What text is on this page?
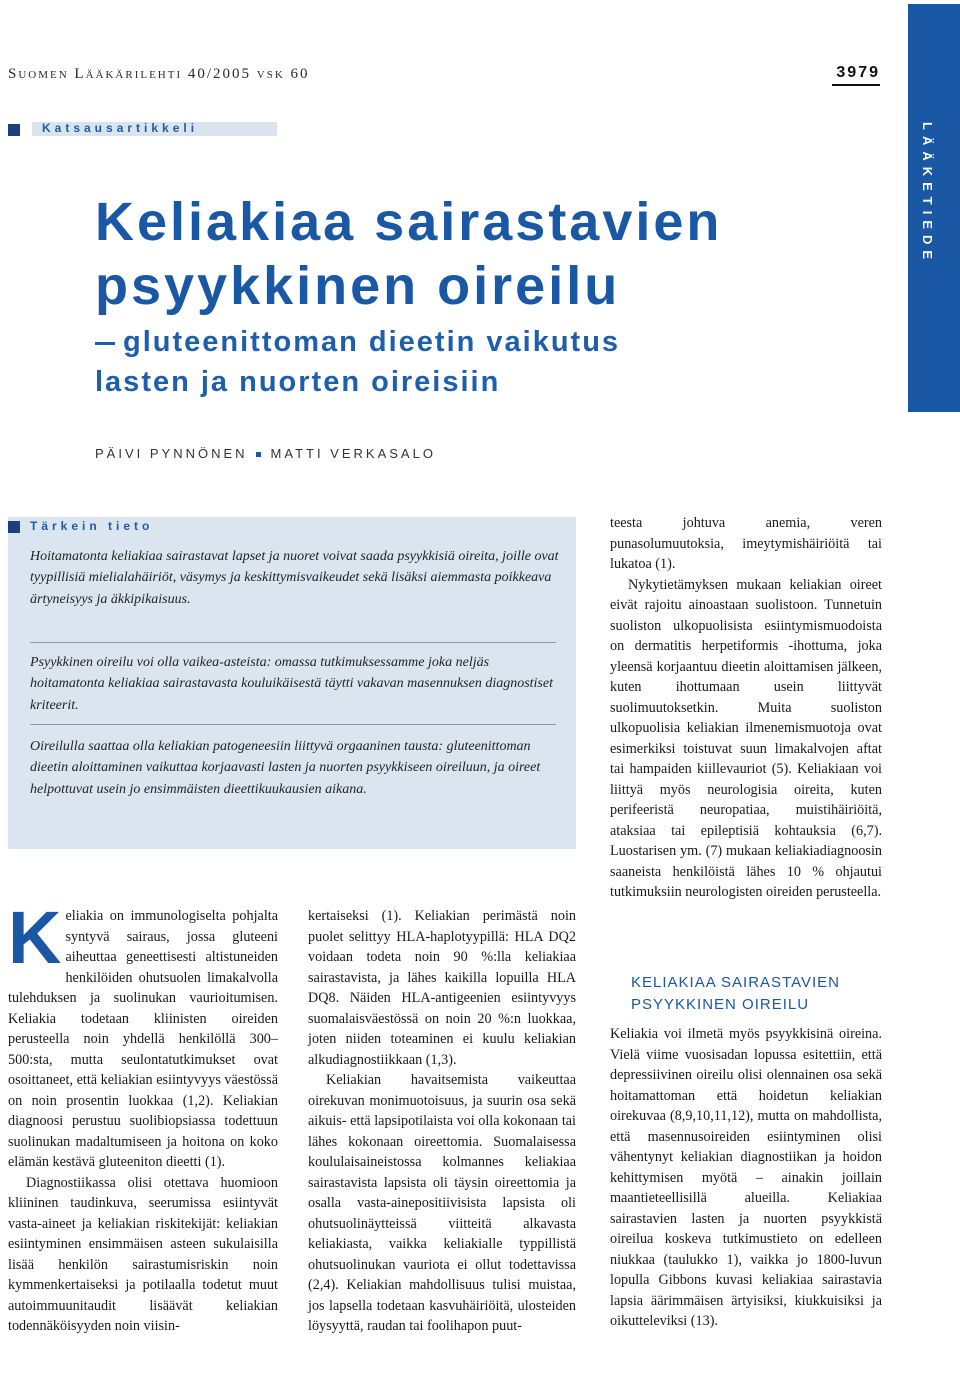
Suomen Lääkärilehti 40/2005 vsk 60	3979
LÄÄKETIEDE
Katsausartikkeli
Keliakiaa sairastavien
psyykkinen oireilu
gluteenittoman dieetin vaikutus
lasten ja nuorten oireisiin
PÄIVI PYNNÖNEN MATTI VERKASALO
Tärkein tieto

Hoitamatonta keliakiaa sairastavat lapset ja nuoret voivat saada psyykkisiä oireita, joille ovat tyypillisiä mielialahäiriöt, väsymys ja keskittymisvaikeudet sekä lisäksi aiemmasta poikkeava ärtyneisyys ja äkkipikaisuus.

Psyykkinen oireilu voi olla vaikea-asteista: omassa tutkimuksessamme joka neljäs hoitamatonta keliakiaa sairastavasta kouluikäisestä täytti vakavan masennuksen diagnostiset kriteerit.

Oireilulla saattaa olla keliakian patogeneesiin liittyvä orgaaninen tausta: gluteenittoman dieetin aloittaminen vaikuttaa korjaavasti lasten ja nuorten psyykkiseen oireiluun, ja oireet helpottuvat usein jo ensimmäisten dieettikuukausien aikana.

Keliakia on immunologiselta pohjalta syntyvä sairaus, jossa gluteeni aiheuttaa geneettisesti altistuneiden henkilöiden ohutsuolen limakalvolla tulehduksen ja suolinukan vaurioitumisen. Keliakia todetaan kliinisten oireiden perusteella noin yhdellä henkilöllä 300–500:sta, mutta seulontatutkimukset ovat osoittaneet, että keliakian esiintyvyys väestössä on noin prosentin luokkaa (1,2). Keliakian diagnoosi perustuu suolibiopsiassa todettuun suolinukan madaltumiseen ja hoitona on koko elämän kestävä gluteeniton dieetti (1).

Diagnostiikassa olisi otettava huomioon kliininen taudinkuva, seerumissa esiintyvät vasta-aineet ja keliakian riskitekijät: keliakian esiintyminen ensimmäisen asteen sukulaisilla lisää henkilön sairastumisriskin noin kymmenkertaiseksi ja potilaalla todetut muut autoimmuunitaudit lisäävät keliakian todennäköisyyden noin viisin-

kertaiseksi (1). Keliakian perimästä noin puolet selittyy HLA-haplotyypillä: HLA DQ2 voidaan todeta noin 90 %:lla keliakiaa sairastavista, ja lähes kaikilla lopuilla HLA DQ8. Näiden HLA-antigeenien esiintyvyys suomalaisväestössä on noin 20 %:n luokkaa, joten niiden toteaminen ei kuulu keliakian alkudiagnostiikkaan (1,3).

Keliakian havaitsemista vaikeuttaa oirekuvan monimuotoisuus, ja suurin osa sekä aikuis- että lapsipotilaista voi olla kokonaan tai lähes kokonaan oireettomia. Suomalaisessa koululaisaineistossa kolmannes keliakiaa sairastavista lapsista oli täysin oireettomia ja osalla vasta-ainepositiivisista lapsista oli ohutsuolinäytteissä viitteitä alkavasta keliakiasta, vaikka keliakialle typpillistä ohutsuolinukan vauriota ei ollut todettavissa (2,4). Keliakian mahdollisuus tulisi muistaa, jos lapsella todetaan kasvuhäiriöitä, ulosteiden löysyyttä, raudan tai foolihapon puut-

teesta johtuva anemia, veren punasolumuutoksia, imeytymishäiriöitä tai lukatoa (1).

Nykytietämyksen mukaan keliakian oireet eivät rajoitu ainoastaan suolistoon. Tunnetuin suoliston ulkopuolisista esiintymismuodoista on dermatitis herpetiformis -ihottuma, joka yleensä korjaantuu dieetin aloittamisen jälkeen, kuten ihottumaan usein liittyvät suolimuutoksetkin. Muita suoliston ulkopuolisia keliakian ilmenemismuotoja ovat esimerkiksi toistuvat suun limakalvojen aftat tai hampaiden kiillevauriot (5). Keliakiaan voi liittyä myös neurologisia oireita, kuten perifeeristä neuropatiaa, muistihäiriöitä, ataksiaa tai epileptisiä kohtauksia (6,7). Luostarisen ym. (7) mukaan keliakiadiagnoosin saaneista henkilöistä lähes 10 % ohjautui tutkimuksiin neurologisten oireiden perusteella.

KELIAKIAA SAIRASTAVIEN
PSYYKKINEN OIREILU

Keliakia voi ilmetä myös psyykkisinä oireina. Vielä viime vuosisadan lopussa esitettiin, että depressiivinen oireilu olisi olennainen osa sekä hoitamattoman että hoidetun keliakian oirekuvaa (8,9,10,11,12), mutta on mahdollista, että masennusoireiden esiintyminen olisi vähentynyt keliakian diagnostiikan ja hoidon kehittymisen myötä – ainakin joillain maantieteellisillä alueilla. Keliakiaa sairastavien lasten ja nuorten psyykkistä oireilua koskeva tutkimustieto on edelleen niukkaa (taulukko 1), vaikka jo 1800-luvun lopulla Gibbons kuvasi keliakiaa sairastavia lapsia äärimmäisen ärtyisiksi, kiukkuisiksi ja oikutteleviksi (13).
